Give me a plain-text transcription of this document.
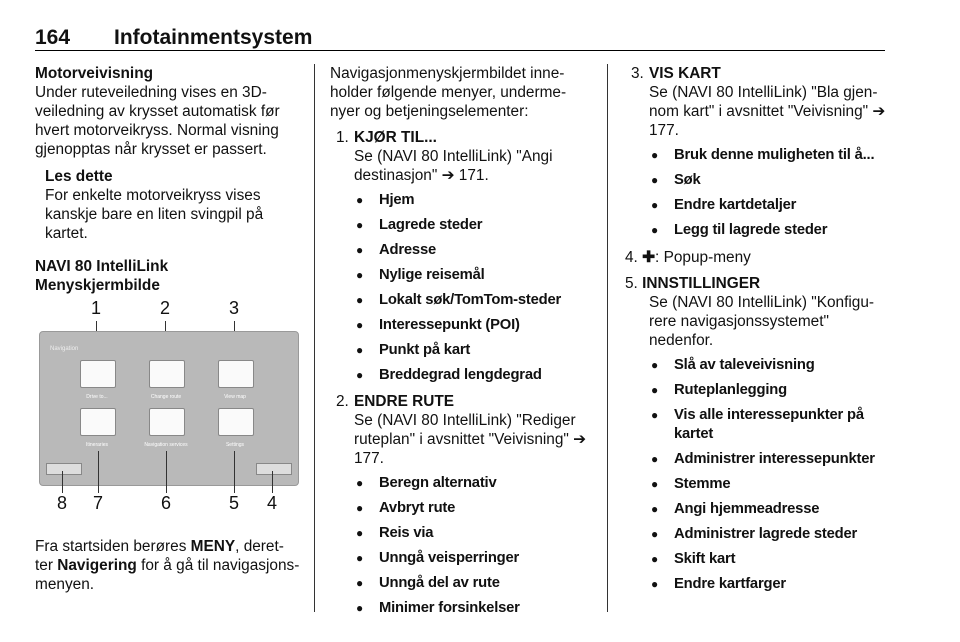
164 Infotainmentsystem

Motorveivisning

Under ruteveiledning vises en 3D-veiledning av krysset automatisk før hvert motorveikryss. Normal visning gjenopptas når krysset er passert.

Les dette

For enkelte motorveikryss vises kanskje bare en liten svingpil på kartet.

NAVI 80 IntelliLink

Menyskjermbilde

1	2	3
Navigation
Drive to...	Change route	View map
Itineraries	Navigation services	Settings
8 7	6	5 4

Fra startsiden berøres MENY, deret-ter Navigering for å gå til navigasjons-menyen.

Navigasjonmenyskjermbildet inne-holder følgende menyer, underme-nyer og betjeningselementer:

1. KJØR TIL...

Se (NAVI 80 IntelliLink) "Angi destinasjon" ➔ 171.

● Hjem
● Lagrede steder
● Adresse
● Nylige reisemål
● Lokalt søk/TomTom-steder
● Interessepunkt (POI)
● Punkt på kart
● Breddegrad lengdegrad
2. ENDRE RUTE

Se (NAVI 80 IntelliLink) "Rediger ruteplan" i avsnittet "Veivisning" ➔ 177.

● Beregn alternativ
● Avbryt rute
● Reis via
● Unngå veisperringer
● Unngå del av rute
● Minimer forsinkelser
3. VIS KART

Se (NAVI 80 IntelliLink) "Bla gjen-nom kart" i avsnittet "Veivisning" ➔ 177.

● Bruk denne muligheten til å...
● Søk
● Endre kartdetaljer
● Legg til lagrede steder
4. ✚: Popup-meny
5. INNSTILLINGER

Se (NAVI 80 IntelliLink) "Konfigu-rere navigasjonssystemet" nedenfor.

● Slå av taleveivisning
● Ruteplanlegging
● Vis alle interessepunkter på kartet
● Administrer interessepunkter
● Stemme
● Angi hjemmeadresse
● Administrer lagrede steder
● Skift kart
● Endre kartfarger
